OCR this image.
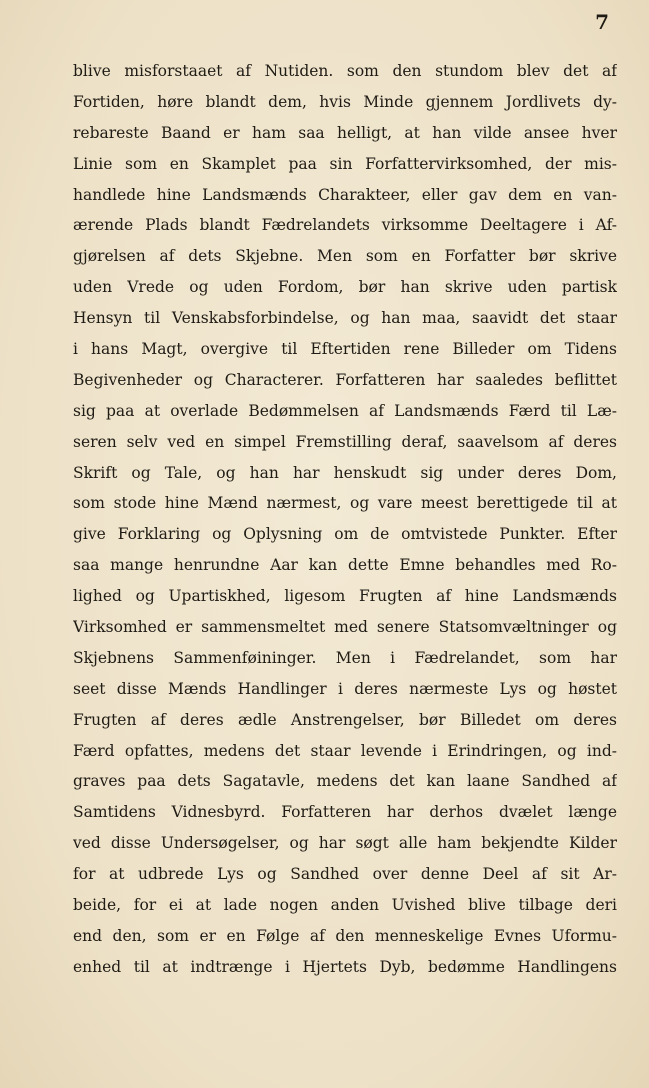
7
blive misforstaaet af Nutiden. som den stundom blev det af
Fortiden, høre blandt dem, hvis Minde gjennem Jordlivets dy-
rebareste Baand er ham saa helligt, at han vilde ansee hver
Linie som en Skamplet paa sin Forfattervirksomhed, der mis-
handlede hine Landsmænds Charakteer, eller gav dem en van-
ærende Plads blandt Fædrelandets virksomme Deeltagere i Af-
gjørelsen af dets Skjebne. Men som en Forfatter bør skrive
uden Vrede og uden Fordom, bør han skrive uden partisk
Hensyn til Venskabsforbindelse, og han maa, saavidt det staar
i hans Magt, overgive til Eftertiden rene Billeder om Tidens
Begivenheder og Characterer. Forfatteren har saaledes beflittet
sig paa at overlade Bedømmelsen af Landsmænds Færd til Læ-
seren selv ved en simpel Fremstilling deraf, saavelsom af deres
Skrift og Tale, og han har henskudt sig under deres Dom,
som stode hine Mænd nærmest, og vare meest berettigede til at
give Forklaring og Oplysning om de omtvistede Punkter. Efter
saa mange henrundne Aar kan dette Emne behandles med Ro-
lighed og Upartiskhed, ligesom Frugten af hine Landsmænds
Virksomhed er sammensmeltet med senere Statsomvæltninger og
Skjebnens Sammenføininger. Men i Fædrelandet, som har
seet disse Mænds Handlinger i deres nærmeste Lys og høstet
Frugten af deres ædle Anstrengelser, bør Billedet om deres
Færd opfattes, medens det staar levende i Erindringen, og ind-
graves paa dets Sagatavle, medens det kan laane Sandhed af
Samtidens Vidnesbyrd. Forfatteren har derhos dvælet længe
ved disse Undersøgelser, og har søgt alle ham bekjendte Kilder
for at udbrede Lys og Sandhed over denne Deel af sit Ar-
beide, for ei at lade nogen anden Uvished blive tilbage deri
end den, som er en Følge af den menneskelige Evnes Uformu-
enhed til at indtrænge i Hjertets Dyb, bedømme Handlingens
